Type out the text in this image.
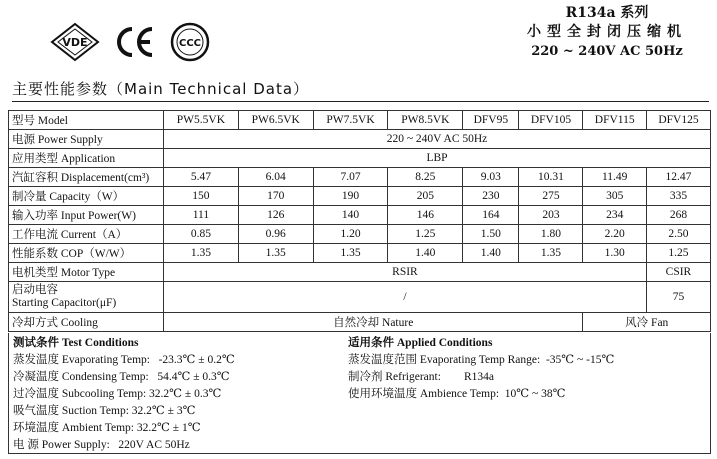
VDE	CCC
R134a 系列
小型全封闭压缩机
220 ~ 240V AC 50Hz
主要性能参数（Main Technical Data）
型号 Model	PW5.5VK	PW6.5VK	PW7.5VK	PW8.5VK	DFV95	DFV105	DFV115	DFV125
电源 Power Supply	220 ~ 240V AC 50Hz							
应用类型 Application	LBP							
汽缸容积 Displacement(cm³)	5.47	6.04	7.07	8.25	9.03	10.31	11.49	12.47
制冷量 Capacity（W）	150	170	190	205	230	275	305	335
输入功率 Input Power(W)	111	126	140	146	164	203	234	268
工作电流 Current（A）	0.85	0.96	1.20	1.25	1.50	1.80	2.20	2.50
性能系数 COP（W/W）	1.35	1.35	1.35	1.40	1.40	1.35	1.30	1.25
电机类型 Motor Type	RSIR							CSIR
启动电容
Starting Capacitor(μF)	/							75
冷却方式 Cooling	自然冷却 Nature						风冷 Fan	
测试条件 Test Conditions
蒸发温度 Evaporating Temp: -23.3℃ ± 0.2℃
冷凝温度 Condensing Temp: 54.4℃ ± 0.3℃
过冷温度 Subcooling Temp: 32.2℃ ± 0.3℃
吸气温度 Suction Temp: 32.2℃ ± 3℃
环境温度 Ambient Temp: 32.2℃ ± 1℃
电 源 Power Supply: 220V AC 50Hz
适用条件 Applied Conditions
蒸发温度范围 Evaporating Temp Range: -35℃ ~ -15℃
制冷剂 Refrigerant: R134a
使用环境温度 Ambience Temp: 10℃ ~ 38℃
